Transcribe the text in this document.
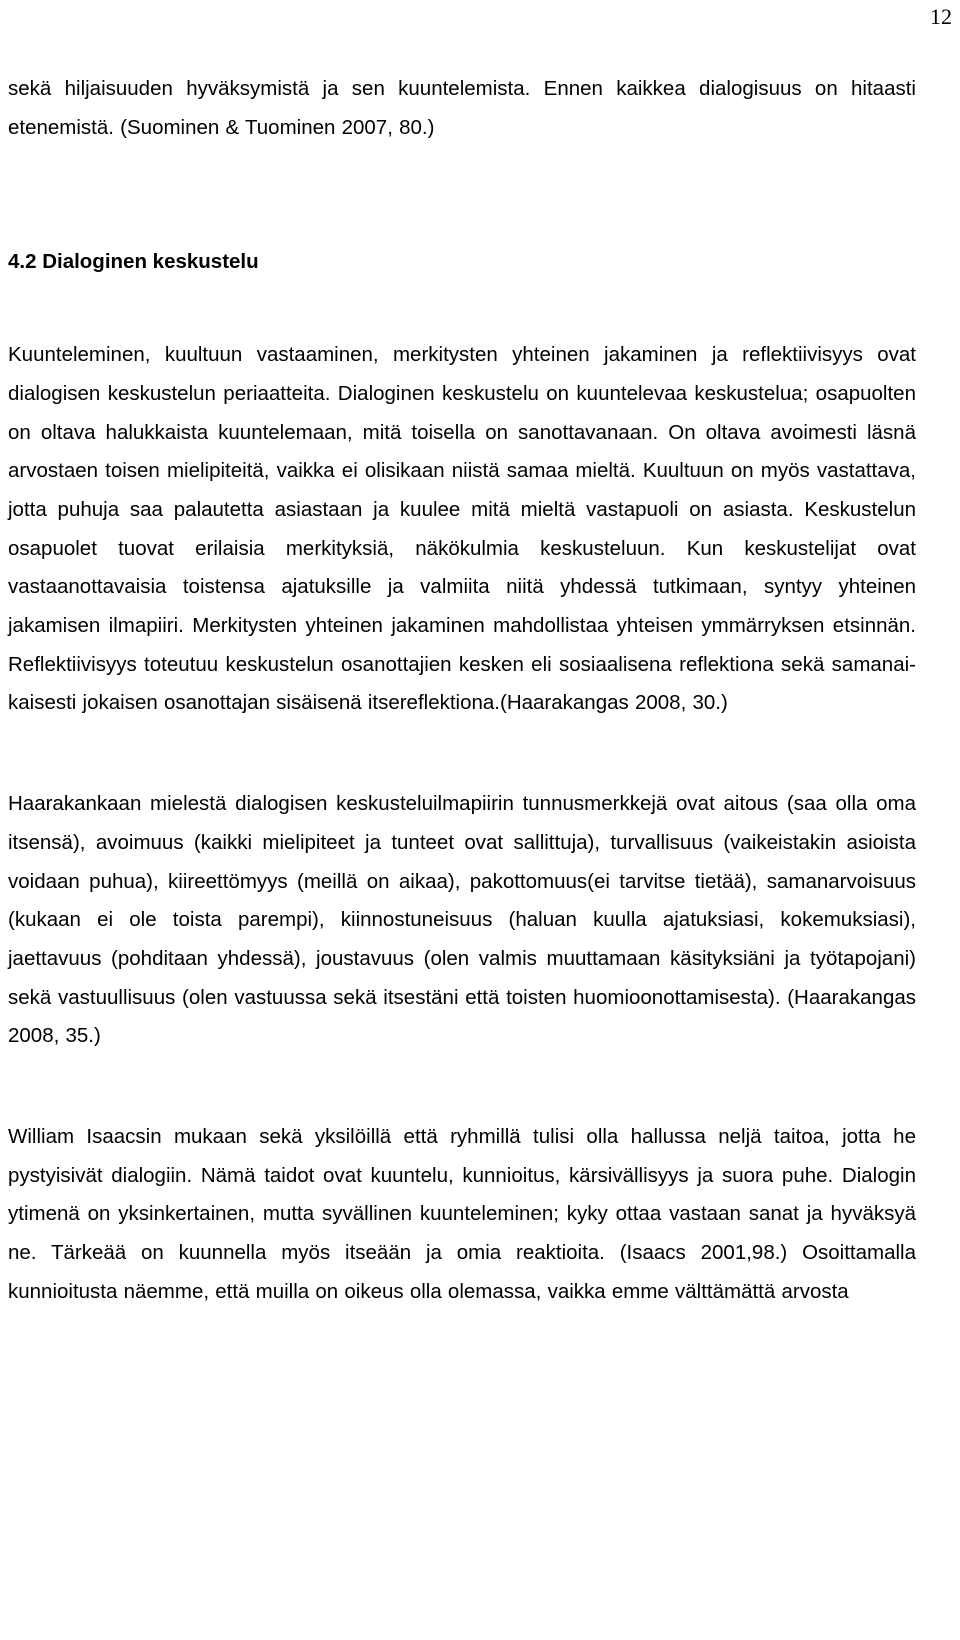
12

sekä hiljaisuuden hyväksymistä ja sen kuuntelemista. Ennen kaikkea dialogisuus on hitaasti etenemistä. (Suominen & Tuominen 2007, 80.)

4.2 Dialoginen keskustelu

Kuunteleminen, kuultuun vastaaminen, merkitysten yhteinen jakaminen ja reflektiivisyys ovat dialogisen keskustelun periaatteita. Dialoginen keskustelu on kuuntelevaa keskustelua; osapuolten on oltava halukkaista kuuntelemaan, mitä toisella on sanottavanaan. On oltava avoimesti läsnä arvostaen toisen mielipiteitä, vaikka ei olisikaan niistä samaa mieltä. Kuultuun on myös vastattava, jotta puhuja saa palautetta asiastaan ja kuulee mitä mieltä vastapuoli on asiasta. Keskustelun osapuolet tuovat erilaisia merkityksiä, näkökulmia keskusteluun. Kun keskustelijat ovat vastaanottavaisia toistensa ajatuksille ja valmiita niitä yhdessä tutkimaan, syntyy yhteinen jakamisen ilmapiiri. Merkitysten yhteinen jakaminen mahdollistaa yhteisen ymmärryksen etsinnän. Reflektiivisyys toteutuu keskustelun osanottajien kesken eli sosiaalisena reflektiona sekä samanaikaisesti jokaisen osanottajan sisäisenä itsereflektiona.(Haarakangas 2008, 30.)

Haarakankaan mielestä dialogisen keskusteluilmapiirin tunnusmerkkejä ovat aitous (saa olla oma itsensä), avoimuus (kaikki mielipiteet ja tunteet ovat sallittuja), turvallisuus (vaikeistakin asioista voidaan puhua), kiireettömyys (meillä on aikaa), pakottomuus(ei tarvitse tietää), samanarvoisuus (kukaan ei ole toista parempi), kiinnostuneisuus (haluan kuulla ajatuksiasi, kokemuksiasi), jaettavuus (pohditaan yhdessä), joustavuus (olen valmis muuttamaan käsityksiäni ja työtapojani) sekä vastuullisuus (olen vastuussa sekä itsestäni että toisten huomioonottamisesta). (Haarakangas 2008, 35.)

William Isaacsin mukaan sekä yksilöillä että ryhmillä tulisi olla hallussa neljä taitoa, jotta he pystyisivät dialogiin. Nämä taidot ovat kuuntelu, kunnioitus, kärsivällisyys ja suora puhe. Dialogin ytimenä on yksinkertainen, mutta syvällinen kuunteleminen; kyky ottaa vastaan sanat ja hyväksyä ne. Tärkeää on kuunnella myös itseään ja omia reaktioita. (Isaacs 2001,98.) Osoittamalla kunnioitusta näemme, että muilla on oikeus olla olemassa, vaikka emme välttämättä arvosta
